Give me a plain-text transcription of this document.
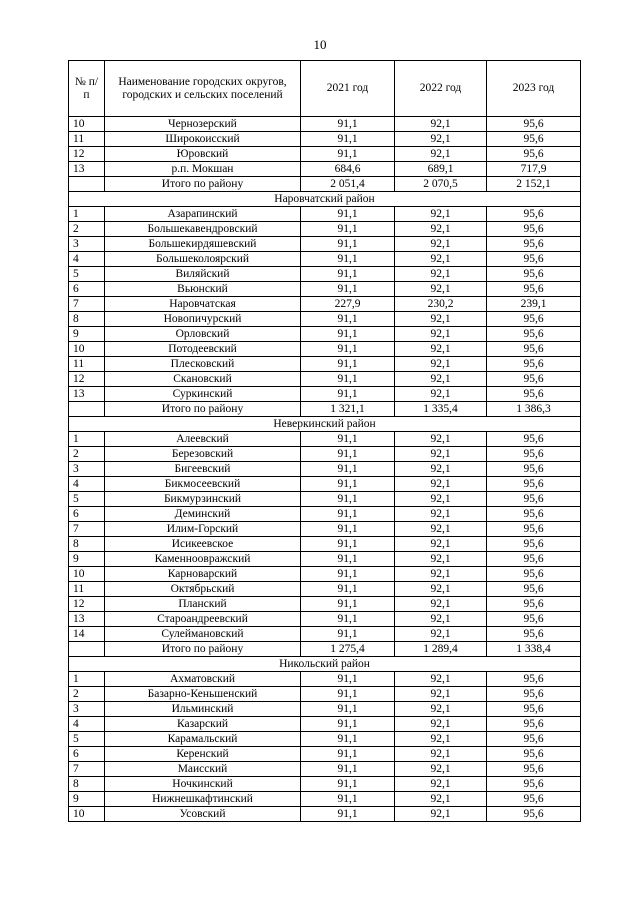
10
№ п/п	Наименование городских округов, городских и сельских поселений	2021 год	2022 год	2023 год
10	Чернозерский	91,1	92,1	95,6
11	Широкоисский	91,1	92,1	95,6
12	Юровский	91,1	92,1	95,6
13	р.п. Мокшан	684,6	689,1	717,9
	Итого по району	2 051,4	2 070,5	2 152,1
Наровчатский район				
1	Азарапинский	91,1	92,1	95,6
2	Большекавендровский	91,1	92,1	95,6
3	Большекирдяшевский	91,1	92,1	95,6
4	Большеколоярский	91,1	92,1	95,6
5	Виляйский	91,1	92,1	95,6
6	Вьюнский	91,1	92,1	95,6
7	Наровчатская	227,9	230,2	239,1
8	Новопичурский	91,1	92,1	95,6
9	Орловский	91,1	92,1	95,6
10	Потодеевский	91,1	92,1	95,6
11	Плесковский	91,1	92,1	95,6
12	Скановский	91,1	92,1	95,6
13	Суркинский	91,1	92,1	95,6
	Итого по району	1 321,1	1 335,4	1 386,3
Неверкинский район				
1	Алеевский	91,1	92,1	95,6
2	Березовский	91,1	92,1	95,6
3	Бигеевский	91,1	92,1	95,6
4	Бикмосеевский	91,1	92,1	95,6
5	Бикмурзинский	91,1	92,1	95,6
6	Деминский	91,1	92,1	95,6
7	Илим-Горский	91,1	92,1	95,6
8	Исикеевское	91,1	92,1	95,6
9	Каменноовражский	91,1	92,1	95,6
10	Карноварский	91,1	92,1	95,6
11	Октябрьский	91,1	92,1	95,6
12	Планский	91,1	92,1	95,6
13	Староандреевский	91,1	92,1	95,6
14	Сулеймановский	91,1	92,1	95,6
	Итого по району	1 275,4	1 289,4	1 338,4
Никольский район				
1	Ахматовский	91,1	92,1	95,6
2	Базарно-Кеньшенский	91,1	92,1	95,6
3	Ильминский	91,1	92,1	95,6
4	Казарский	91,1	92,1	95,6
5	Карамальский	91,1	92,1	95,6
6	Керенский	91,1	92,1	95,6
7	Маисский	91,1	92,1	95,6
8	Ночкинский	91,1	92,1	95,6
9	Нижнешкафтинский	91,1	92,1	95,6
10	Усовский	91,1	92,1	95,6
